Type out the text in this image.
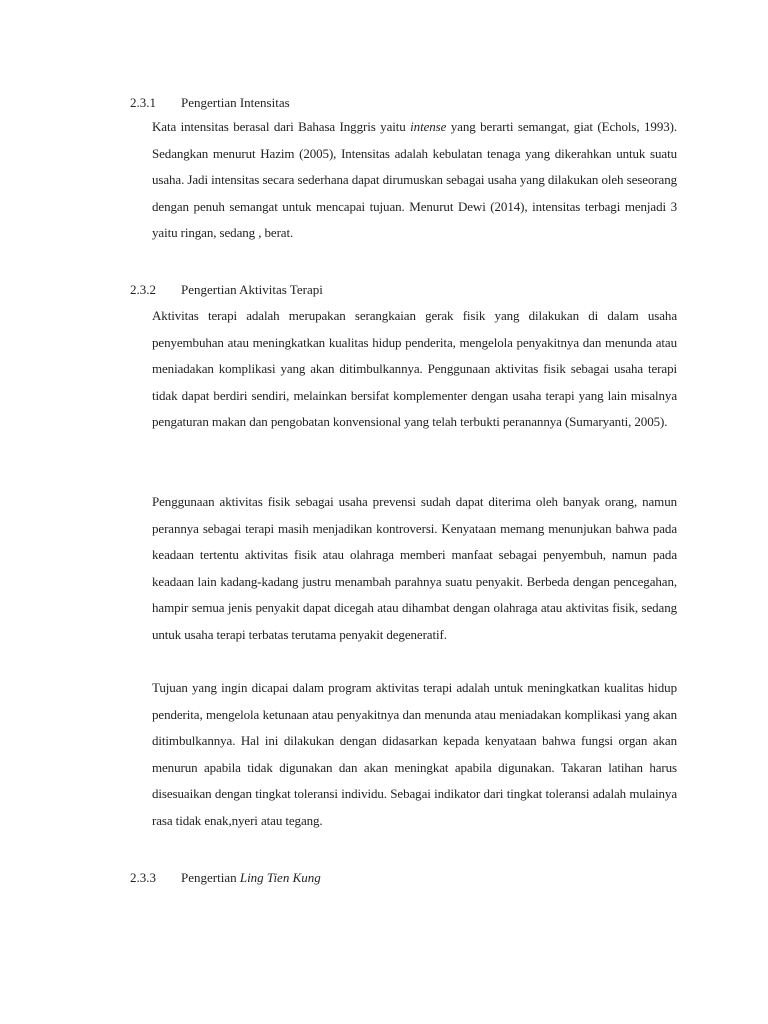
2.3.1 Pengertian Intensitas

Kata intensitas berasal dari Bahasa Inggris yaitu intense yang berarti semangat, giat (Echols, 1993). Sedangkan menurut Hazim (2005), Intensitas adalah kebulatan tenaga yang dikerahkan untuk suatu usaha. Jadi intensitas secara sederhana dapat dirumuskan sebagai usaha yang dilakukan oleh seseorang dengan penuh semangat untuk mencapai tujuan. Menurut Dewi (2014), intensitas terbagi menjadi 3 yaitu ringan, sedang , berat.

2.3.2 Pengertian Aktivitas Terapi

Aktivitas terapi adalah merupakan serangkaian gerak fisik yang dilakukan di dalam usaha penyembuhan atau meningkatkan kualitas hidup penderita, mengelola penyakitnya dan menunda atau meniadakan komplikasi yang akan ditimbulkannya. Penggunaan aktivitas fisik sebagai usaha terapi tidak dapat berdiri sendiri, melainkan bersifat komplementer dengan usaha terapi yang lain misalnya pengaturan makan dan pengobatan konvensional yang telah terbukti peranannya (Sumaryanti, 2005).

Penggunaan aktivitas fisik sebagai usaha prevensi sudah dapat diterima oleh banyak orang, namun perannya sebagai terapi masih menjadikan kontroversi. Kenyataan memang menunjukan bahwa pada keadaan tertentu aktivitas fisik atau olahraga memberi manfaat sebagai penyembuh, namun pada keadaan lain kadang-kadang justru menambah parahnya suatu penyakit. Berbeda dengan pencegahan, hampir semua jenis penyakit dapat dicegah atau dihambat dengan olahraga atau aktivitas fisik, sedang untuk usaha terapi terbatas terutama penyakit degeneratif.

Tujuan yang ingin dicapai dalam program aktivitas terapi adalah untuk meningkatkan kualitas hidup penderita, mengelola ketunaan atau penyakitnya dan menunda atau meniadakan komplikasi yang akan ditimbulkannya. Hal ini dilakukan dengan didasarkan kepada kenyataan bahwa fungsi organ akan menurun apabila tidak digunakan dan akan meningkat apabila digunakan. Takaran latihan harus disesuaikan dengan tingkat toleransi individu. Sebagai indikator dari tingkat toleransi adalah mulainya rasa tidak enak,nyeri atau tegang.

2.3.3 Pengertian Ling Tien Kung
